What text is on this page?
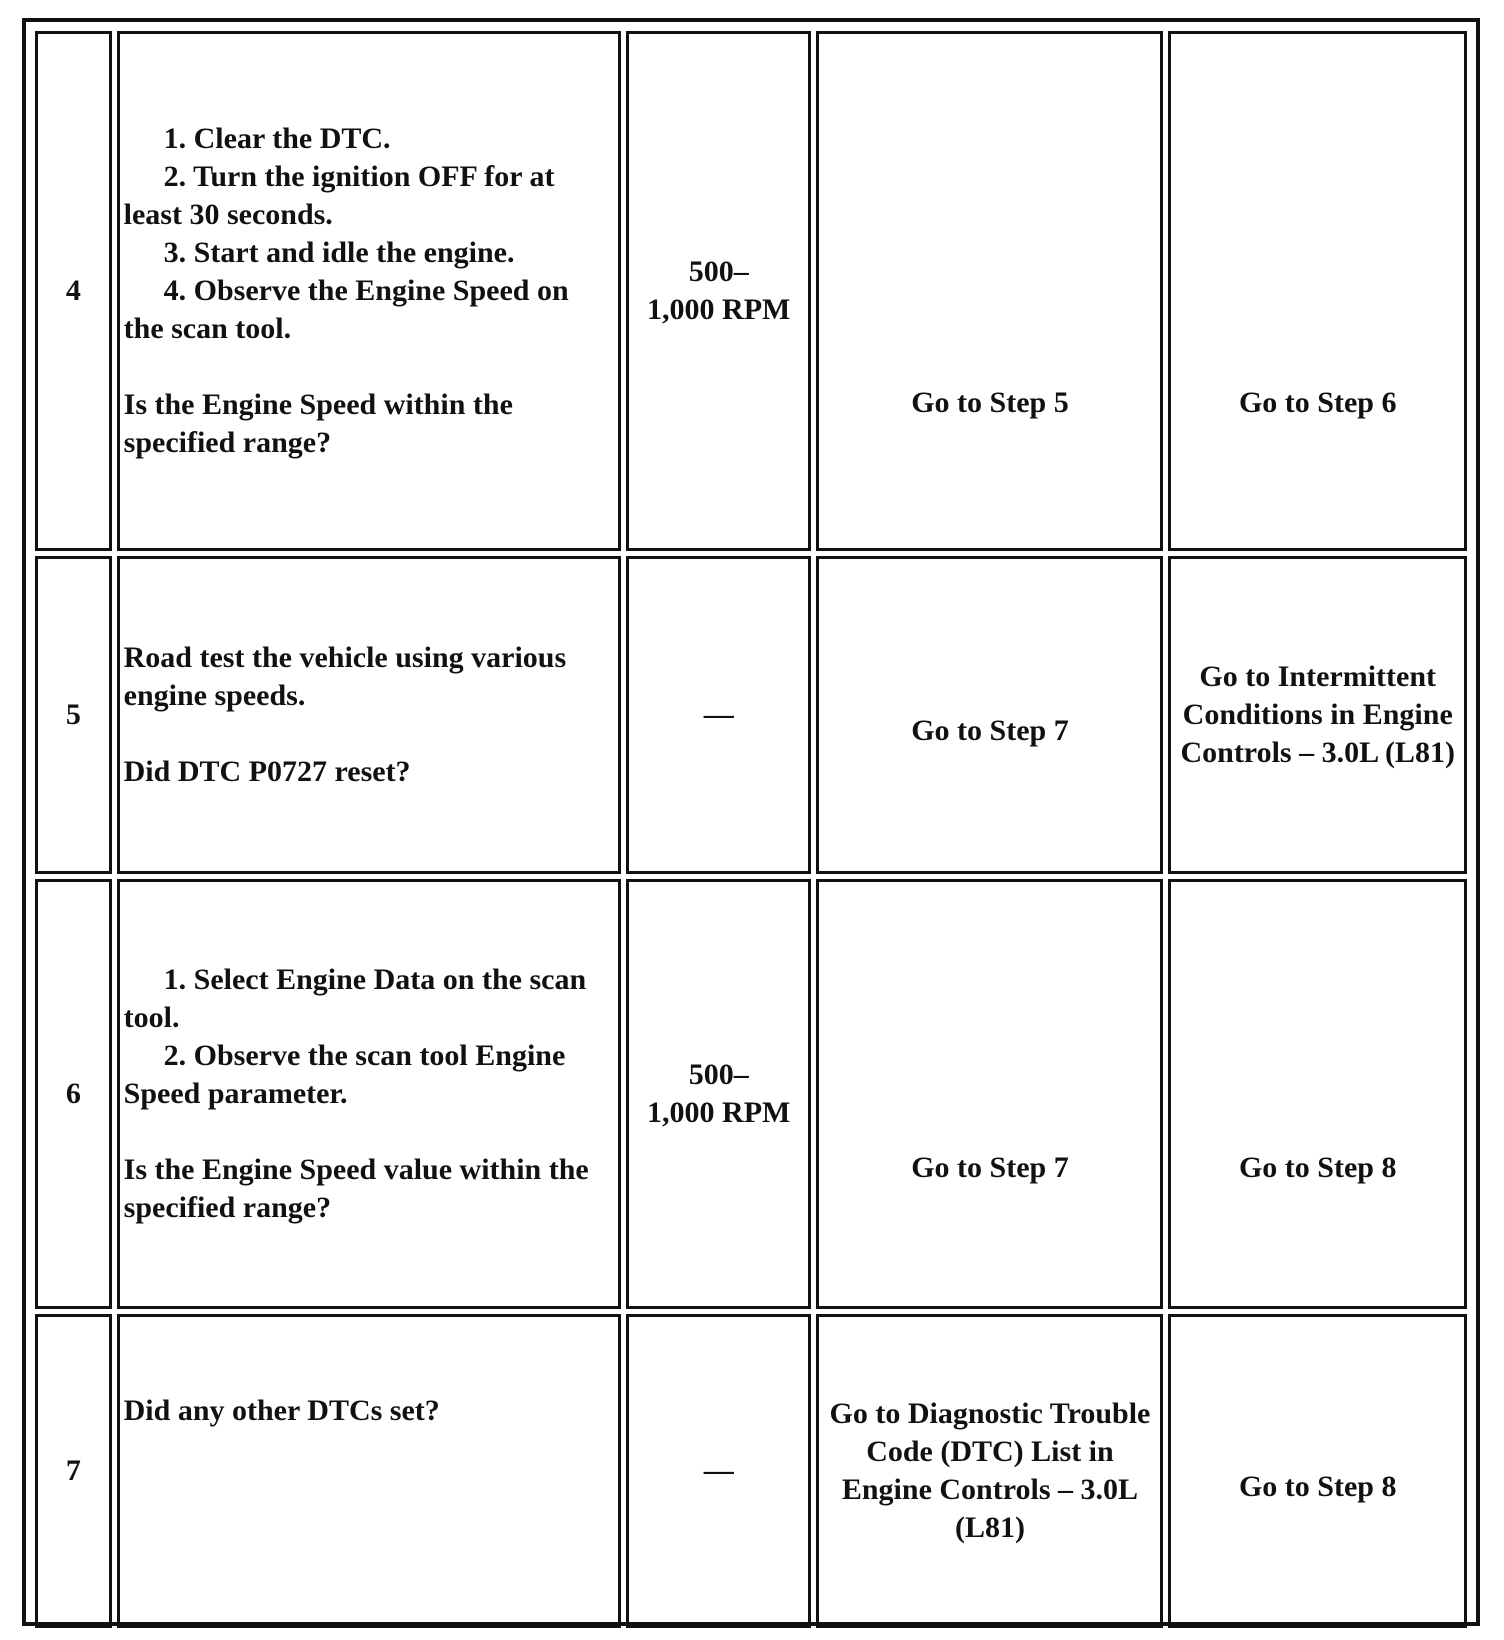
4	1. Clear the DTC.
2. Turn the ignition OFF for at least 30 seconds.
3. Start and idle the engine.
4. Observe the Engine Speed on the scan tool.
Is the Engine Speed within the specified range?	500–
1,000 RPM	Go to Step 5	Go to Step 6

5	Road test the vehicle using various engine speeds.
Did DTC P0727 reset?	—	Go to Step 7	Go to Intermittent Conditions in Engine Controls – 3.0L (L81)

6	1. Select Engine Data on the scan tool.
2. Observe the scan tool Engine Speed parameter.
Is the Engine Speed value within the specified range?	500–
1,000 RPM	Go to Step 7	Go to Step 8

7	Did any other DTCs set?	—	Go to Diagnostic Trouble Code (DTC) List in Engine Controls – 3.0L (L81)	Go to Step 8
